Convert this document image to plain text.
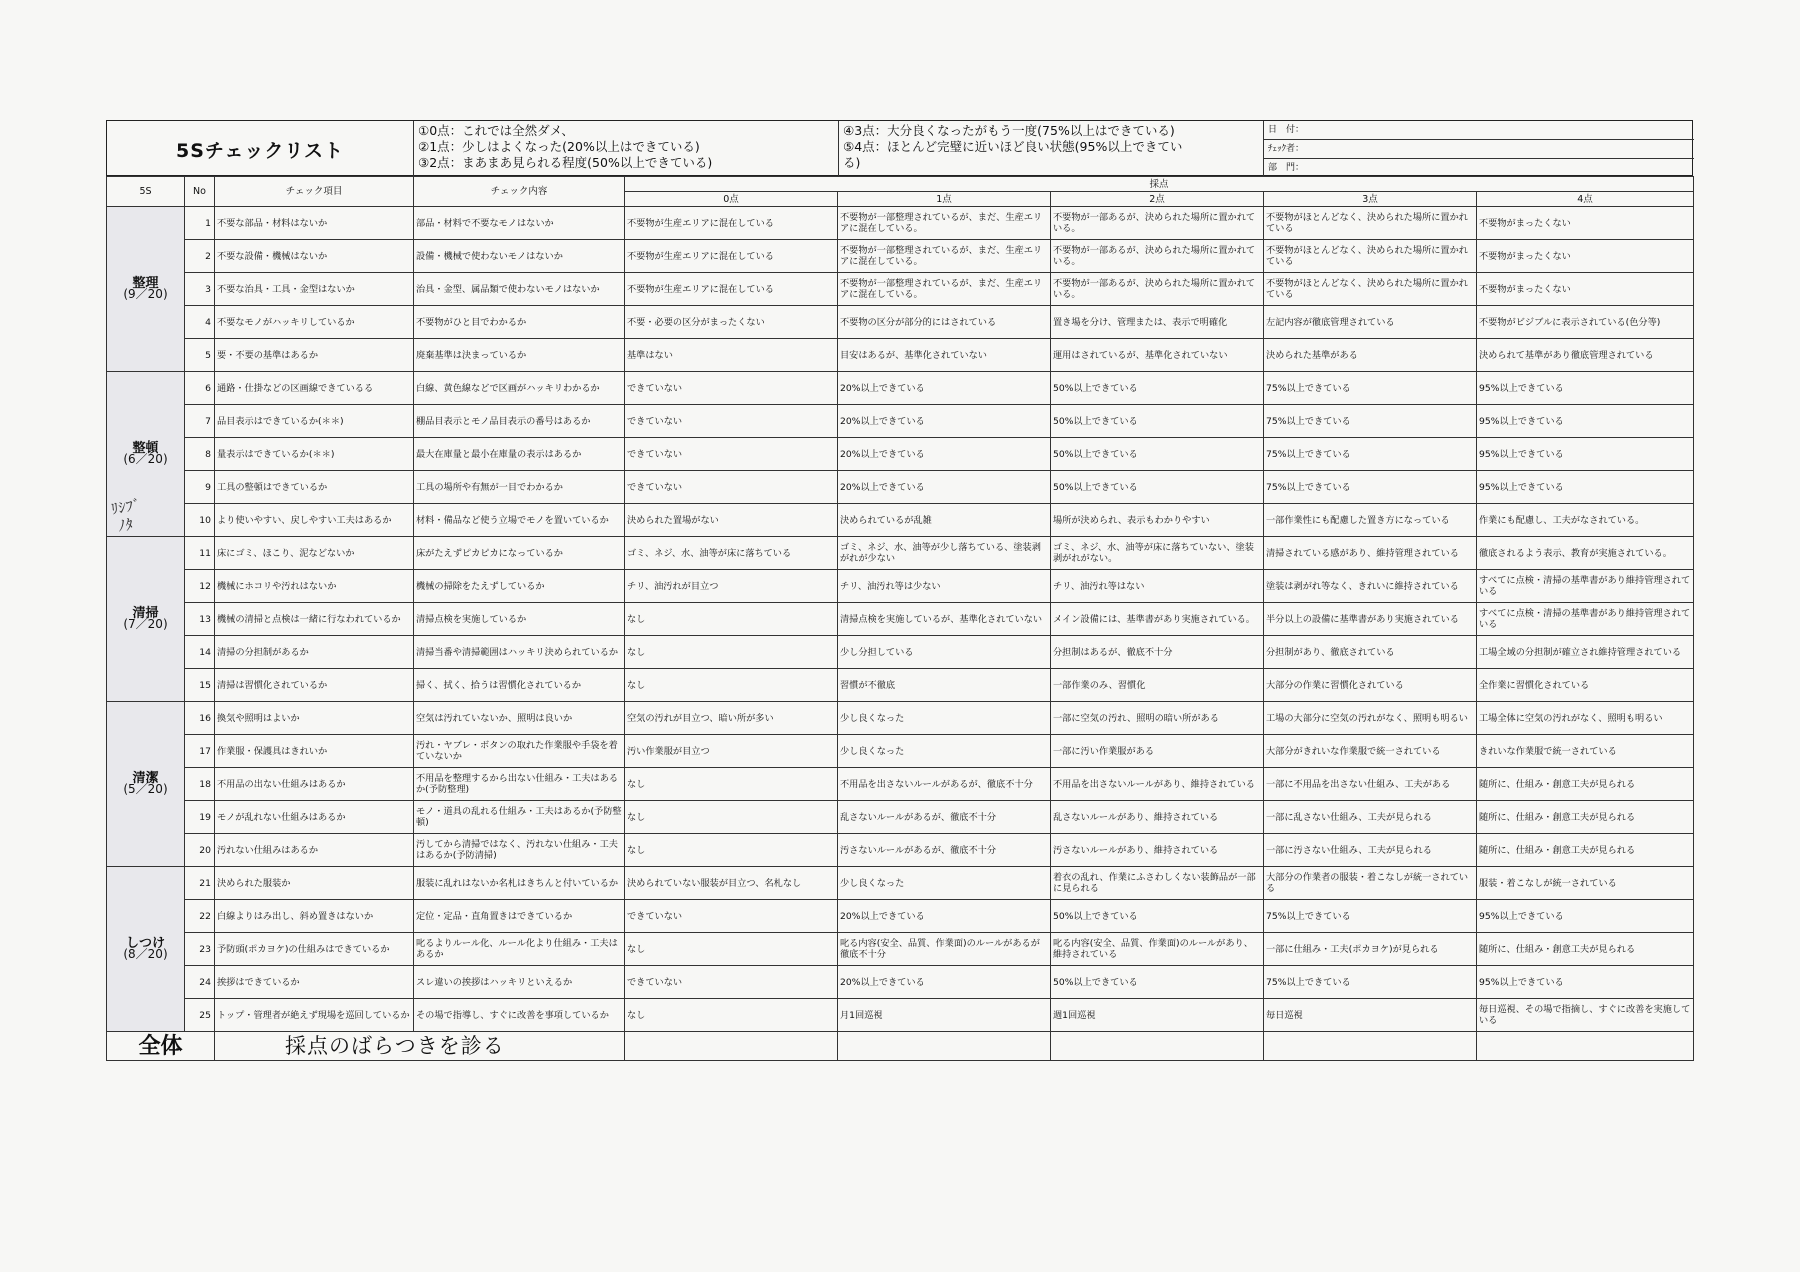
5Sチェックリスト
①0点：これでは全然ダメ、
②1点：少しはよくなった(20%以上はできている)
③2点：まあまあ見られる程度(50%以上できている)
④3点：大分良くなったがもう一度(75%以上はできている)
⑤4点：ほとんど完璧に近いほど良い状態(95%以上できてい
る)
日　付：
ﾁｪｯｸ者：
部　門：
5S	No	チェック項目	チェック内容	採点				
				0点	1点	2点	3点	4点
整理
(9／20)	1	不要な部品・材料はないか	部品・材料で不要なモノはないか	不要物が生産エリアに混在している	不要物が一部整理されているが、まだ、生産エリアに混在している。	不要物が一部あるが、決められた場所に置かれている。	不要物がほとんどなく、決められた場所に置かれている	不要物がまったくない
	2	不要な設備・機械はないか	設備・機械で使わないモノはないか	不要物が生産エリアに混在している	不要物が一部整理されているが、まだ、生産エリアに混在している。	不要物が一部あるが、決められた場所に置かれている。	不要物がほとんどなく、決められた場所に置かれている	不要物がまったくない
	3	不要な治具・工具・金型はないか	治具・金型、属品類で使わないモノはないか	不要物が生産エリアに混在している	不要物が一部整理されているが、まだ、生産エリアに混在している。	不要物が一部あるが、決められた場所に置かれている。	不要物がほとんどなく、決められた場所に置かれている	不要物がまったくない
	4	不要なモノがハッキリしているか	不要物がひと目でわかるか	不要・必要の区分がまったくない	不要物の区分が部分的にはされている	置き場を分け、管理または、表示で明確化	左記内容が徹底管理されている	不要物がビジブルに表示されている(色分等)
	5	要・不要の基準はあるか	廃棄基準は決まっているか	基準はない	目安はあるが、基準化されていない	運用はされているが、基準化されていない	決められた基準がある	決められて基準があり徹底管理されている
整頓
(6／20)	6	通路・仕掛などの区画線できているる	白線、黄色線などで区画がハッキリわかるか	できていない	20%以上できている	50%以上できている	75%以上できている	95%以上できている
	7	品目表示はできているか(＊＊)	棚品目表示とモノ品目表示の番号はあるか	できていない	20%以上できている	50%以上できている	75%以上できている	95%以上できている
	8	量表示はできているか(＊＊)	最大在庫量と最小在庫量の表示はあるか	できていない	20%以上できている	50%以上できている	75%以上できている	95%以上できている
	9	工具の整頓はできているか	工具の場所や有無が一目でわかるか	できていない	20%以上できている	50%以上できている	75%以上できている	95%以上できている
	10	より使いやすい、戻しやすい工夫はあるか	材料・備品など使う立場でモノを置いているか	決められた置場がない	決められているが乱雑	場所が決められ、表示もわかりやすい	一部作業性にも配慮した置き方になっている	作業にも配慮し、工夫がなされている。
清掃
(7／20)	11	床にゴミ、ほこり、泥などないか	床がたえずピカピカになっているか	ゴミ、ネジ、水、油等が床に落ちている	ゴミ、ネジ、水、油等が少し落ちている、塗装剥がれが少ない	ゴミ、ネジ、水、油等が床に落ちていない、塗装剥がれがない。	清掃されている感があり、維持管理されている	徹底されるよう表示、教育が実施されている。
	12	機械にホコリや汚れはないか	機械の掃除をたえずしているか	チリ、油汚れが目立つ	チリ、油汚れ等は少ない	チリ、油汚れ等はない	塗装は剥がれ等なく、きれいに維持されている	すべてに点検・清掃の基準書があり維持管理されている
	13	機械の清掃と点検は一緒に行なわれているか	清掃点検を実施しているか	なし	清掃点検を実施しているが、基準化されていない	メイン設備には、基準書があり実施されている。	半分以上の設備に基準書があり実施されている	すべてに点検・清掃の基準書があり維持管理されている
	14	清掃の分担制があるか	清掃当番や清掃範囲はハッキリ決められているか	なし	少し分担している	分担制はあるが、徹底不十分	分担制があり、徹底されている	工場全域の分担制が確立され維持管理されている
	15	清掃は習慣化されているか	掃く、拭く、拾うは習慣化されているか	なし	習慣が不徹底	一部作業のみ、習慣化	大部分の作業に習慣化されている	全作業に習慣化されている
清潔
(5／20)	16	換気や照明はよいか	空気は汚れていないか、照明は良いか	空気の汚れが目立つ、暗い所が多い	少し良くなった	一部に空気の汚れ、照明の暗い所がある	工場の大部分に空気の汚れがなく、照明も明るい	工場全体に空気の汚れがなく、照明も明るい
	17	作業服・保護具はきれいか	汚れ・ヤブレ・ボタンの取れた作業服や手袋を着ていないか	汚い作業服が目立つ	少し良くなった	一部に汚い作業服がある	大部分がきれいな作業服で統一されている	きれいな作業服で統一されている
	18	不用品の出ない仕組みはあるか	不用品を整理するから出ない仕組み・工夫はあるか(予防整理)	なし	不用品を出さないルールがあるが、徹底不十分	不用品を出さないルールがあり、維持されている	一部に不用品を出さない仕組み、工夫がある	随所に、仕組み・創意工夫が見られる
	19	モノが乱れない仕組みはあるか	モノ・道具の乱れる仕組み・工夫はあるか(予防整頓)	なし	乱さないルールがあるが、徹底不十分	乱さないルールがあり、維持されている	一部に乱さない仕組み、工夫が見られる	随所に、仕組み・創意工夫が見られる
	20	汚れない仕組みはあるか	汚してから清掃ではなく、汚れない仕組み・工夫はあるか(予防清掃)	なし	汚さないルールがあるが、徹底不十分	汚さないルールがあり、維持されている	一部に汚さない仕組み、工夫が見られる	随所に、仕組み・創意工夫が見られる
しつけ
(8／20)	21	決められた服装か	服装に乱れはないか名札はきちんと付いているか	決められていない服装が目立つ、名札なし	少し良くなった	着衣の乱れ、作業にふさわしくない装飾品が一部に見られる	大部分の作業者の服装・着こなしが統一されている	服装・着こなしが統一されている
	22	白線よりはみ出し、斜め置きはないか	定位・定品・直角置きはできているか	できていない	20%以上できている	50%以上できている	75%以上できている	95%以上できている
	23	予防頭(ポカヨケ)の仕組みはできているか	叱るよりルール化、ルール化より仕組み・工夫はあるか	なし	叱る内容(安全、品質、作業面)のルールがあるが徹底不十分	叱る内容(安全、品質、作業面)のルールがあり、維持されている	一部に仕組み・工夫(ポカヨケ)が見られる	随所に、仕組み・創意工夫が見られる
	24	挨拶はできているか	スレ違いの挨拶はハッキリといえるか	できていない	20%以上できている	50%以上できている	75%以上できている	95%以上できている
	25	トップ・管理者が絶えず現場を巡回しているか	その場で指導し、すぐに改善を事項しているか	なし	月1回巡視	週1回巡視	毎日巡視	毎日巡視、その場で指摘し、すぐに改善を実施している
全体		採点のばらつきを診る						
ﾘｼﾌﾞ
ﾉﾀ
